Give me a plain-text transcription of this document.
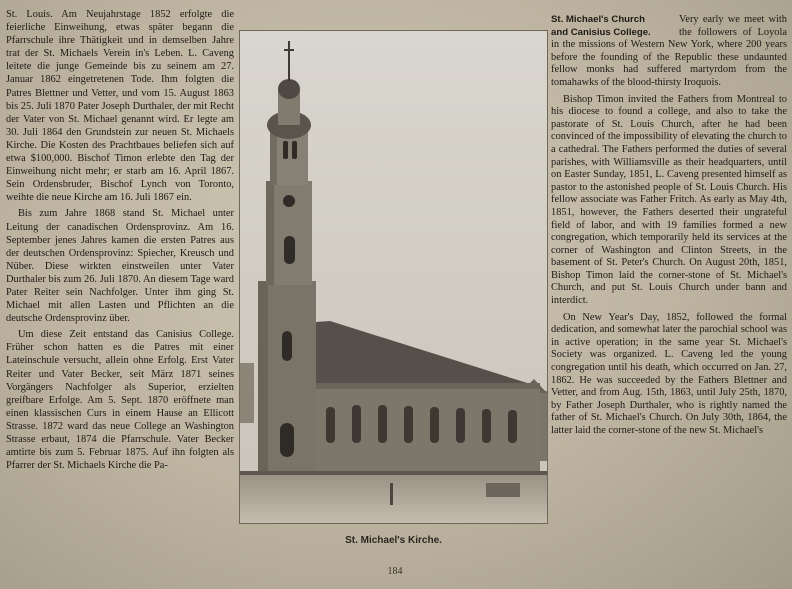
St. Louis. Am Neujahrstage 1852 erfolgte die feierliche Einweihung, etwas später begann die Pfarrschule ihre Thätigkeit und in demselben Jahre trat der St. Michaels Verein in's Leben. L. Caveng leitete die junge Gemeinde bis zu seinem am 27. Januar 1862 eingetretenen Tode. Ihm folgten die Patres Blettner und Vetter, und vom 15. August 1863 bis 25. Juli 1870 Pater Joseph Durthaler, der mit Recht der Vater von St. Michael genannt wird. Er legte am 30. Juli 1864 den Grundstein zur neuen St. Michaels Kirche. Die Kosten des Prachtbaues beliefen sich auf etwa $100,000. Bischof Timon erlebte den Tag der Einweihung nicht mehr; er starb am 16. April 1867. Sein Ordensbruder, Bischof Lynch von Toronto, weihte die neue Kirche am 16. Juli 1867 ein.

Bis zum Jahre 1868 stand St. Michael unter Leitung der canadischen Ordensprovinz. Am 16. September jenes Jahres kamen die ersten Patres aus der deutschen Ordensprovinz: Spiecher, Kreusch und Nüber. Diese wirkten einstweilen unter Vater Durthaler bis zum 26. Juli 1870. An diesem Tage ward Pater Reiter sein Nachfolger. Unter ihm ging St. Michael mit allen Lasten und Pflichten an die deutsche Ordensprovinz über.

Um diese Zeit entstand das Canisius College. Früher schon hatten es die Patres mit einer Lateinschule versucht, allein ohne Erfolg. Erst Vater Reiter und Vater Becker, seit März 1871 seines Vorgängers Nachfolger als Superior, erzielten greifbare Erfolge. Am 5. Sept. 1870 eröffnete man einen klassischen Curs in einem Hause an Ellicott Strasse. 1872 ward das neue College an Washington Strasse erbaut, 1874 die Pfarrschule. Vater Becker amtirte bis zum 5. Februar 1875. Auf ihn folgten als Pfarrer der St. Michaels Kirche die Pa-

St. Michael's Kirche.

St. Michael's Church
and Canisius College.
Very early we meet with the followers of Loyola in the missions of Western New York, where 200 years before the founding of the Republic these undaunted fellow monks had suffered martyrdom from the tomahawks of the blood-thirsty Iroquois.

Bishop Timon invited the Fathers from Montreal to his diocese to found a college, and also to take the pastorate of St. Louis Church, after he had been convinced of the impossibility of elevating the church to a cathedral. The Fathers performed the duties of several parishes, with Williamsville as their headquarters, until on Easter Sunday, 1851, L. Caveng presented himself as pastor to the astonished people of St. Louis Church. His fellow associate was Father Fritch. As early as May 4th, 1851, however, the Fathers deserted their ungrateful field of labor, and with 19 families formed a new congregation, which temporarily held its services at the corner of Washington and Clinton Streets, in the basement of St. Peter's Church. On August 20th, 1851, Bishop Timon laid the corner-stone of St. Michael's Church, and put St. Louis Church under bann and interdict.

On New Year's Day, 1852, followed the formal dedication, and somewhat later the parochial school was in active operation; in the same year St. Michael's Society was organized. L. Caveng led the young congregation until his death, which occurred on Jan. 27, 1862. He was succeeded by the Fathers Blettner and Vetter, and from Aug. 15th, 1863, until July 25th, 1870, by Father Joseph Durthaler, who is rightly named the father of St. Michael's Church. On July 30th, 1864, the latter laid the corner-stone of the new St. Michael's

184
